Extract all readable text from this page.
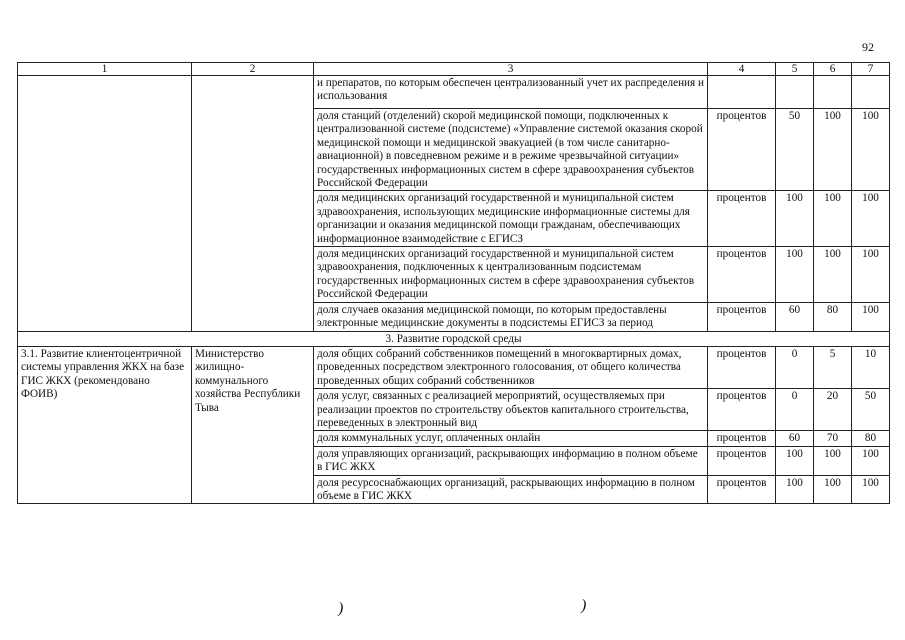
92
1	2	3	4	5	6	7
		и препаратов, по которым обеспечен централизованный учет их распределения и использования				
		доля станций (отделений) скорой медицинской помощи, подключенных к централизованной системе (подсистеме) «Управление системой оказания скорой медицинской помощи и медицинской эвакуацией (в том числе санитарно-авиационной) в повседневном режиме и в режиме чрезвычайной ситуации» государственных информационных систем в сфере здравоохранения субъектов Российской Федерации	процентов	50	100	100
		доля медицинских организаций государственной и муниципальной систем здравоохранения, использующих медицинские информационные системы для организации и оказания медицинской помощи гражданам, обеспечивающих информационное взаимодействие с ЕГИСЗ	процентов	100	100	100
		доля медицинских организаций государственной и муниципальной систем здравоохранения, подключенных к централизованным подсистемам государственных информационных систем в сфере здравоохранения субъектов Российской Федерации	процентов	100	100	100
		доля случаев оказания медицинской помощи, по которым предоставлены электронные медицинские документы в подсистемы ЕГИСЗ за период	процентов	60	80	100
3. Развитие городской среды						
3.1. Развитие клиентоцентричной системы управления ЖКХ на базе ГИС ЖКХ (рекомендовано ФОИВ)	Министерство жилищно-коммунального хозяйства Республики Тыва	доля общих собраний собственников помещений в многоквартирных домах, проведенных посредством электронного голосования, от общего количества проведенных общих собраний собственников	процентов	0	5	10
		доля услуг, связанных с реализацией мероприятий, осуществляемых при реализации проектов по строительству объектов капитального строительства, переведенных в электронный вид	процентов	0	20	50
		доля коммунальных услуг, оплаченных онлайн	процентов	60	70	80
		доля управляющих организаций, раскрывающих информацию в полном объеме в ГИС ЖКХ	процентов	100	100	100
		доля ресурсоснабжающих организаций, раскрывающих информацию в полном объеме в ГИС ЖКХ	процентов	100	100	100
)	)
